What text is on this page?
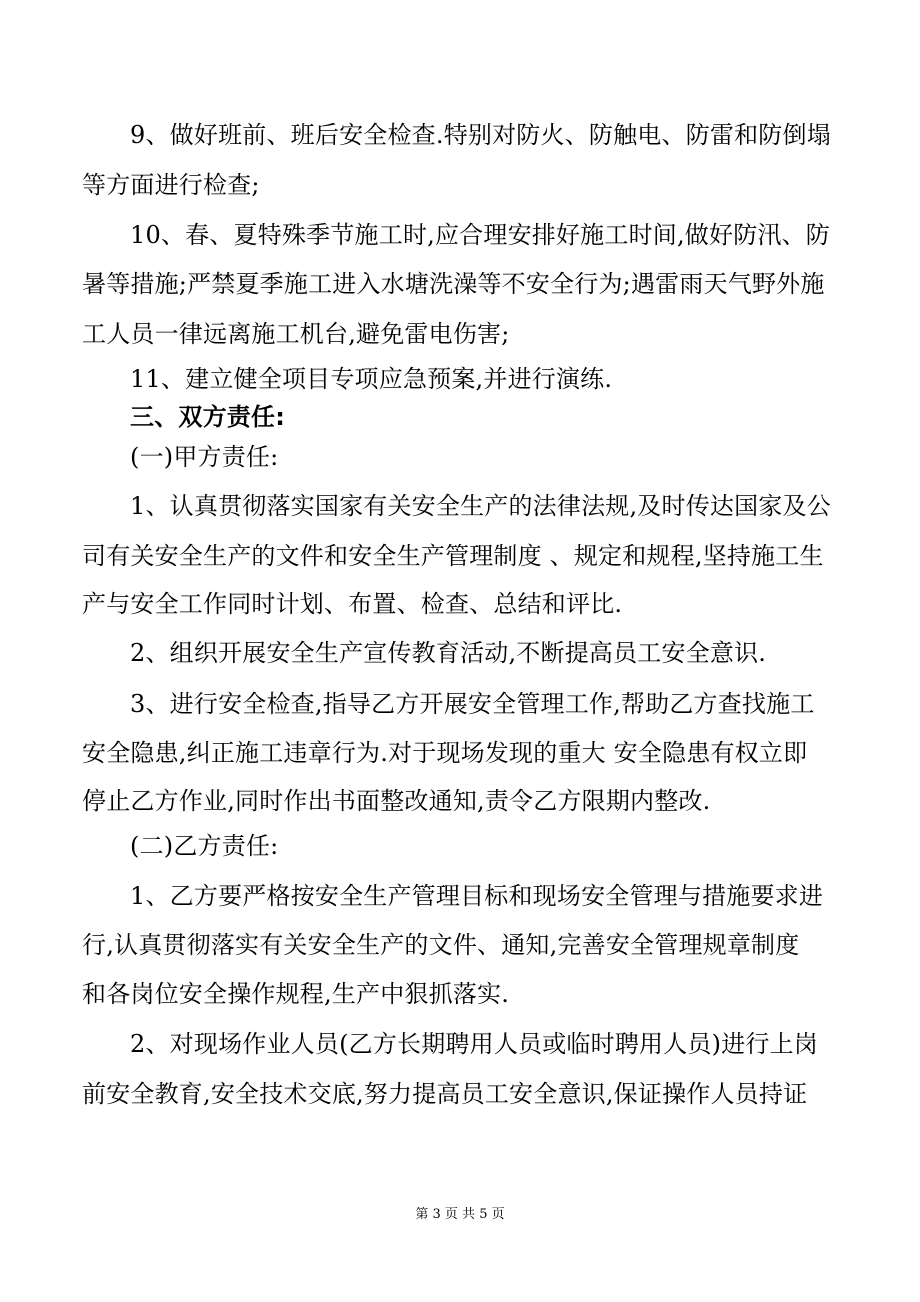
9、做好班前、班后安全检查.特别对防火、防触电、防雷和防倒塌
等方面进行检查;
10、春、夏特殊季节施工时,应合理安排好施工时间,做好防汛、防
暑等措施;严禁夏季施工进入水塘洗澡等不安全行为;遇雷雨天气野外施
工人员一律远离施工机台,避免雷电伤害;
11、建立健全项目专项应急预案,并进行演练.
三、双方责任:
(一)甲方责任:
1、认真贯彻落实国家有关安全生产的法律法规,及时传达国家及公
司有关安全生产的文件和安全生产管理制度 、规定和规程,坚持施工生
产与安全工作同时计划、布置、检查、总结和评比.
2、组织开展安全生产宣传教育活动,不断提高员工安全意识.
3、进行安全检查,指导乙方开展安全管理工作,帮助乙方查找施工
安全隐患,纠正施工违章行为.对于现场发现的重大 安全隐患有权立即
停止乙方作业,同时作出书面整改通知,责令乙方限期内整改.
(二)乙方责任:
1、乙方要严格按安全生产管理目标和现场安全管理与措施要求进
行,认真贯彻落实有关安全生产的文件、通知,完善安全管理规章制度
和各岗位安全操作规程,生产中狠抓落实.
2、对现场作业人员(乙方长期聘用人员或临时聘用人员)进行上岗
前安全教育,安全技术交底,努力提高员工安全意识,保证操作人员持证
第 3 页 共 5 页
